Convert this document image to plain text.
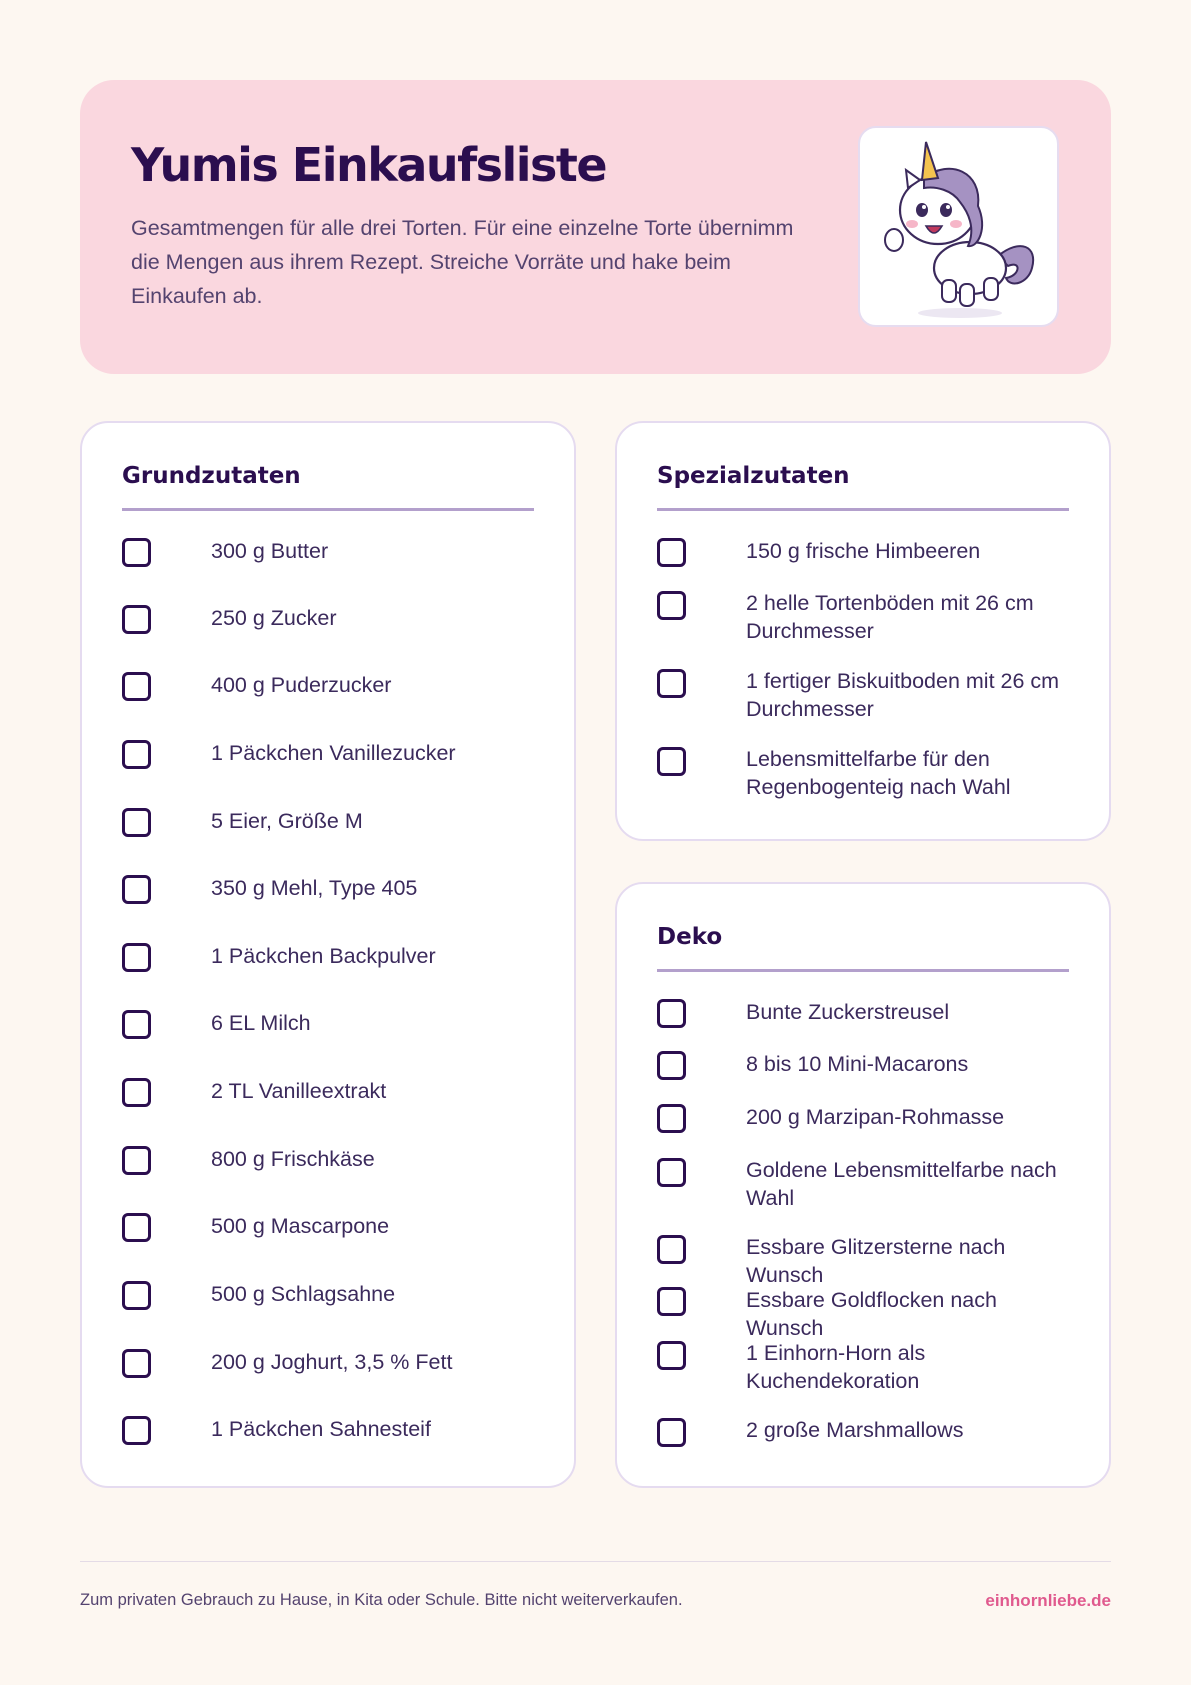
Yumis Einkaufsliste
Gesamtmengen für alle drei Torten. Für eine einzelne Torte übernimm die Mengen aus ihrem Rezept. Streiche Vorräte und hake beim Einkaufen ab.
Grundzutaten
300 g Butter
250 g Zucker
400 g Puderzucker
1 Päckchen Vanillezucker
5 Eier, Größe M
350 g Mehl, Type 405
1 Päckchen Backpulver
6 EL Milch
2 TL Vanilleextrakt
800 g Frischkäse
500 g Mascarpone
500 g Schlagsahne
200 g Joghurt, 3,5 % Fett
1 Päckchen Sahnesteif
Spezialzutaten
150 g frische Himbeeren
2 helle Tortenböden mit 26 cm Durchmesser
1 fertiger Biskuitboden mit 26 cm Durchmesser
Lebensmittelfarbe für den Regenbogenteig nach Wahl
Deko
Bunte Zuckerstreusel
8 bis 10 Mini-Macarons
200 g Marzipan-Rohmasse
Goldene Lebensmittelfarbe nach Wahl
Essbare Glitzersterne nach Wunsch
Essbare Goldflocken nach Wunsch
1 Einhorn-Horn als Kuchendekoration
2 große Marshmallows
Zum privaten Gebrauch zu Hause, in Kita oder Schule. Bitte nicht weiterverkaufen.	einhornliebe.de
